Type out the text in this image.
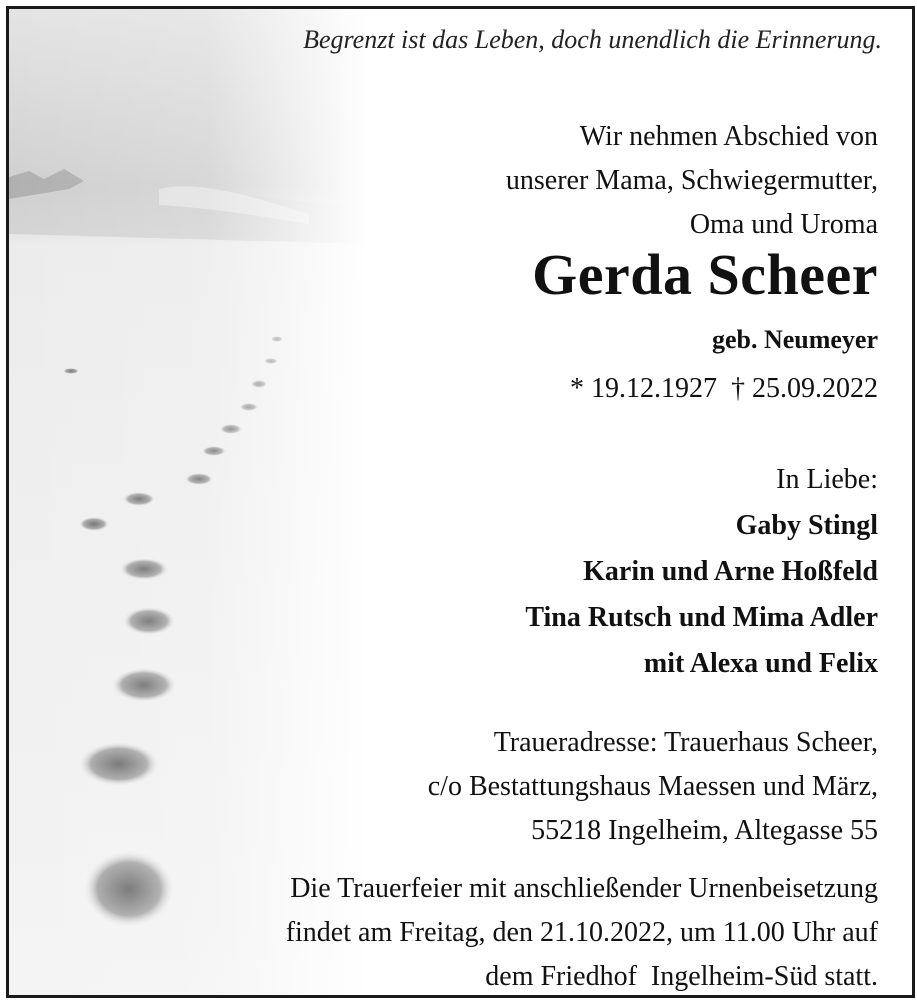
Begrenzt ist das Leben, doch unendlich die Erinnerung.
Wir nehmen Abschied von
unserer Mama, Schwiegermutter,
Oma und Uroma
Gerda Scheer
geb. Neumeyer
* 19.12.1927  † 25.09.2022
In Liebe:
Gaby Stingl
Karin und Arne Hoßfeld
Tina Rutsch und Mima Adler
mit Alexa und Felix
Traueradresse: Trauerhaus Scheer,
c/o Bestattungshaus Maessen und März,
55218 Ingelheim, Altegasse 55
Die Trauerfeier mit anschließender Urnenbeisetzung
findet am Freitag, den 21.10.2022, um 11.00 Uhr auf
dem Friedhof  Ingelheim-Süd statt.
